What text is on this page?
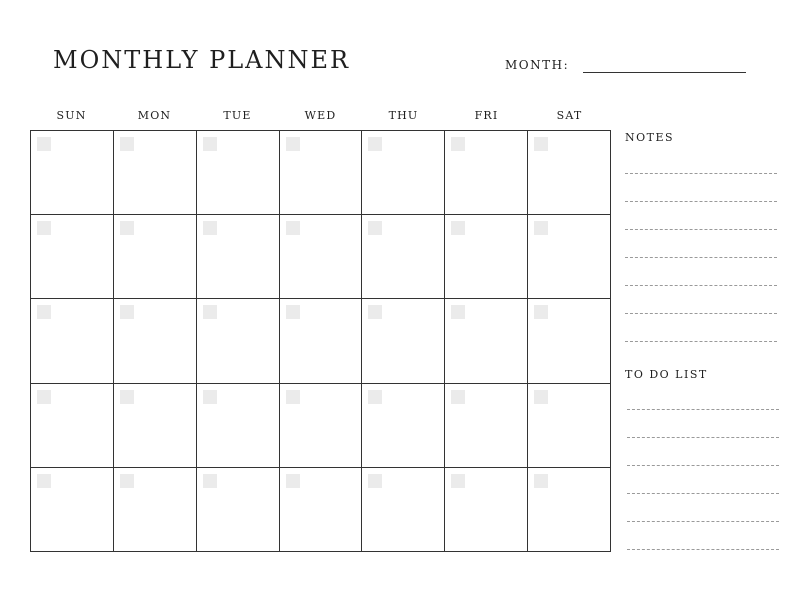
MONTHLY PLANNER	MONTH:
SUN	MON	TUE	WED	THU	FRI	SAT
NOTES
TO DO LIST
